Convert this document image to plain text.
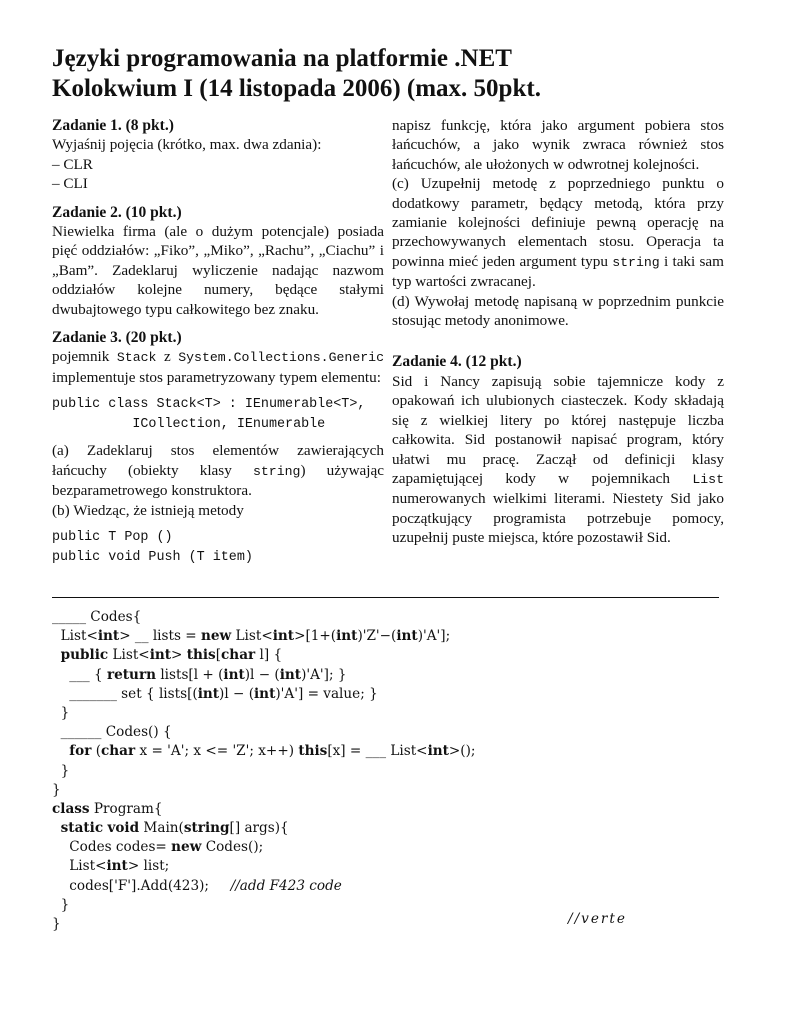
Języki programowania na platformie .NET
Kolokwium I (14 listopada 2006) (max. 50pkt.
Zadanie 1. (8 pkt.)
Wyjaśnij pojęcia (krótko, max. dwa zdania):
– CLR
– CLI
Zadanie 2. (10 pkt.)
Niewielka firma (ale o dużym potencjale) posiada pięć oddziałów: „Fiko”, „Miko”, „Rachu”, „Ciachu” i „Bam”. Zadeklaruj wyliczenie nadając nazwom oddziałów kolejne numery, będące stałymi dwubajtowego typu całkowitego bez znaku.
Zadanie 3. (20 pkt.)
pojemnik Stack z System.Collections.Generic implementuje stos parametryzowany typem elementu:
public class Stack<T> : IEnumerable<T>,
ICollection, IEnumerable
(a) Zadeklaruj stos elementów zawierających łańcuchy (obiekty klasy string) używając bezparametrowego konstruktora.
(b) Wiedząc, że istnieją metody
public T Pop ()
public void Push (T item)
napisz funkcję, która jako argument pobiera stos łańcuchów, a jako wynik zwraca również stos łańcuchów, ale ułożonych w odwrotnej kolejności.
(c) Uzupełnij metodę z poprzedniego punktu o dodatkowy parametr, będący metodą, która przy zamianie kolejności definiuje pewną operację na przechowywanych elementach stosu. Operacja ta powinna mieć jeden argument typu string i taki sam typ wartości zwracanej.
(d) Wywołaj metodę napisaną w poprzednim punkcie stosując metody anonimowe.
Zadanie 4. (12 pkt.)
Sid i Nancy zapisują sobie tajemnicze kody z opakowań ich ulubionych ciasteczek. Kody składają się z wielkiej litery po której następuje liczba całkowita. Sid postanowił napisać program, który ułatwi mu pracę. Zaczął od definicji klasy zapamiętującej kody w pojemnikach List numerowanych wielkimi literami. Niestety Sid jako początkujący programista potrzebuje pomocy, uzupełnij puste miejsca, które pozostawił Sid.
_____ Codes{
List<int> __ lists = new List<int>[1+(int)'Z'−(int)'A'];
public List<int> this[char l] {
___ { return lists[l + (int)l − (int)'A']; }
_______ set { lists[(int)l − (int)'A'] = value; }
}
______ Codes() {
for (char x = 'A'; x <= 'Z'; x++) this[x] = ___ List<int>();
}
}
class Program{
static void Main(string[] args){
Codes codes= new Codes();
List<int> list;
codes['F'].Add(423);     //add F423 code
}
}	//verte
